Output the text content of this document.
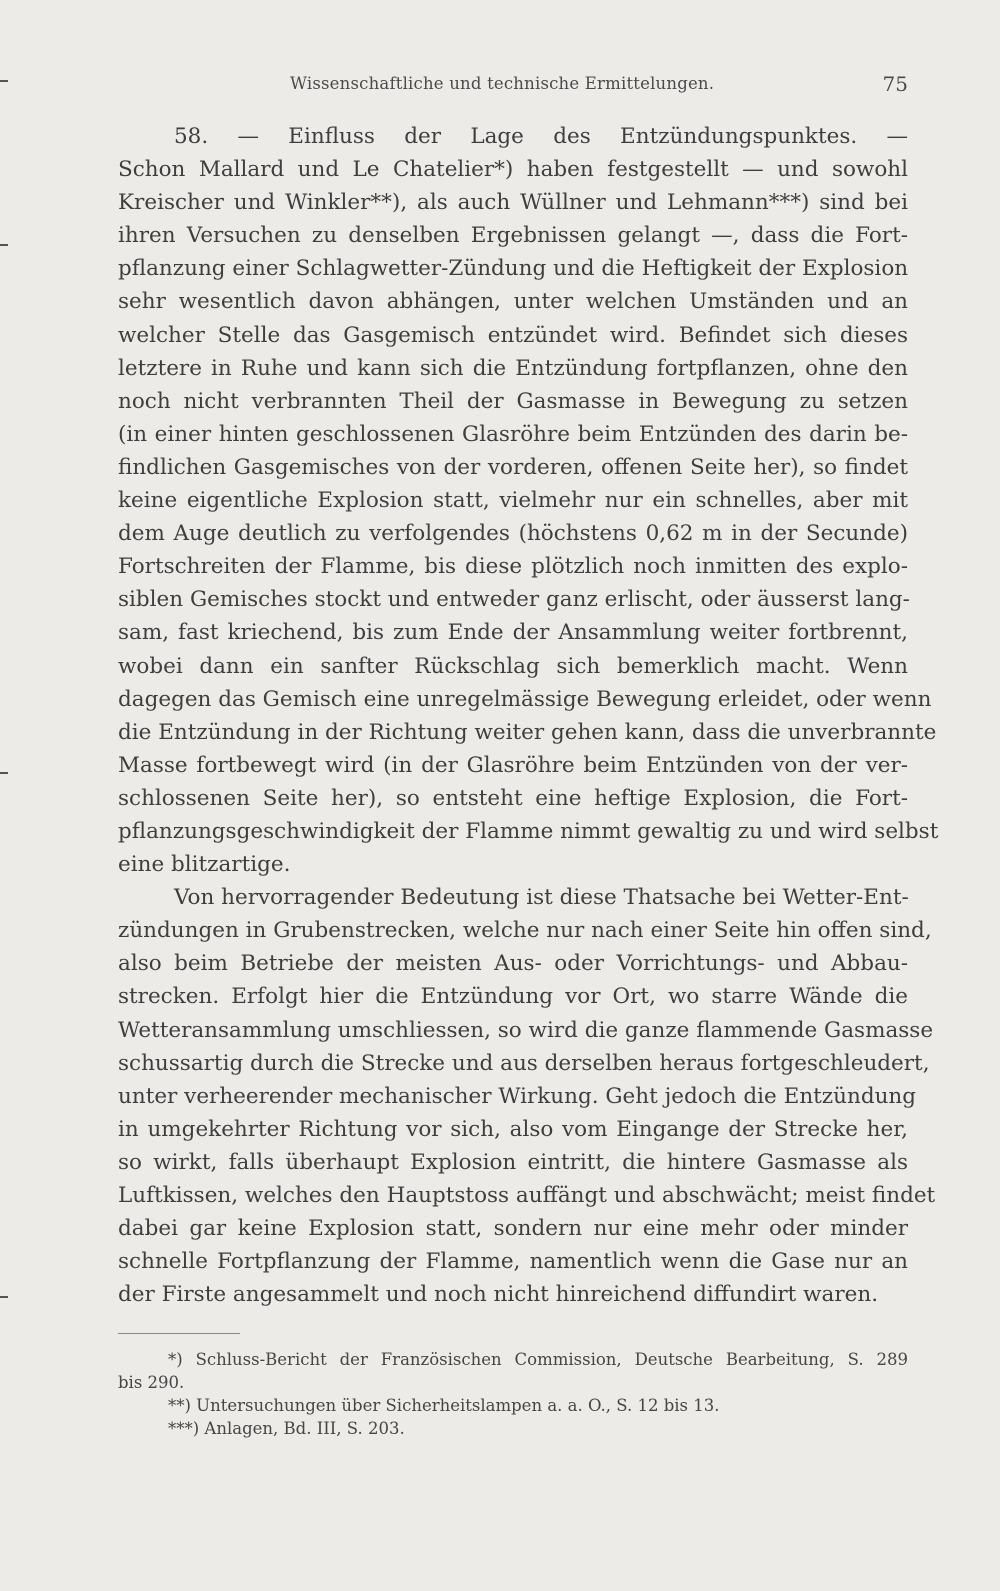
Wissenschaftliche und technische Ermittelungen.	75
58. — Einfluss der Lage des Entzündungspunktes. —
Schon Mallard und Le Chatelier*) haben festgestellt — und sowohl
Kreischer und Winkler**), als auch Wüllner und Lehmann***) sind bei
ihren Versuchen zu denselben Ergebnissen gelangt —, dass die Fort-
pflanzung einer Schlagwetter-Zündung und die Heftigkeit der Explosion
sehr wesentlich davon abhängen, unter welchen Umständen und an
welcher Stelle das Gasgemisch entzündet wird. Befindet sich dieses
letztere in Ruhe und kann sich die Entzündung fortpflanzen, ohne den
noch nicht verbrannten Theil der Gasmasse in Bewegung zu setzen
(in einer hinten geschlossenen Glasröhre beim Entzünden des darin be-
findlichen Gasgemisches von der vorderen, offenen Seite her), so findet
keine eigentliche Explosion statt, vielmehr nur ein schnelles, aber mit
dem Auge deutlich zu verfolgendes (höchstens 0,62 m in der Secunde)
Fortschreiten der Flamme, bis diese plötzlich noch inmitten des explo-
siblen Gemisches stockt und entweder ganz erlischt, oder äusserst lang-
sam, fast kriechend, bis zum Ende der Ansammlung weiter fortbrennt,
wobei dann ein sanfter Rückschlag sich bemerklich macht. Wenn
dagegen das Gemisch eine unregelmässige Bewegung erleidet, oder wenn
die Entzündung in der Richtung weiter gehen kann, dass die unverbrannte
Masse fortbewegt wird (in der Glasröhre beim Entzünden von der ver-
schlossenen Seite her), so entsteht eine heftige Explosion, die Fort-
pflanzungsgeschwindigkeit der Flamme nimmt gewaltig zu und wird selbst
eine blitzartige.
Von hervorragender Bedeutung ist diese Thatsache bei Wetter-Ent-
zündungen in Grubenstrecken, welche nur nach einer Seite hin offen sind,
also beim Betriebe der meisten Aus- oder Vorrichtungs- und Abbau-
strecken. Erfolgt hier die Entzündung vor Ort, wo starre Wände die
Wetteransammlung umschliessen, so wird die ganze flammende Gasmasse
schussartig durch die Strecke und aus derselben heraus fortgeschleudert,
unter verheerender mechanischer Wirkung. Geht jedoch die Entzündung
in umgekehrter Richtung vor sich, also vom Eingange der Strecke her,
so wirkt, falls überhaupt Explosion eintritt, die hintere Gasmasse als
Luftkissen, welches den Hauptstoss auffängt und abschwächt; meist findet
dabei gar keine Explosion statt, sondern nur eine mehr oder minder
schnelle Fortpflanzung der Flamme, namentlich wenn die Gase nur an
der Firste angesammelt und noch nicht hinreichend diffundirt waren.
*) Schluss-Bericht der Französischen Commission, Deutsche Bearbeitung, S. 289
bis 290.
**) Untersuchungen über Sicherheitslampen a. a. O., S. 12 bis 13.
***) Anlagen, Bd. III, S. 203.
